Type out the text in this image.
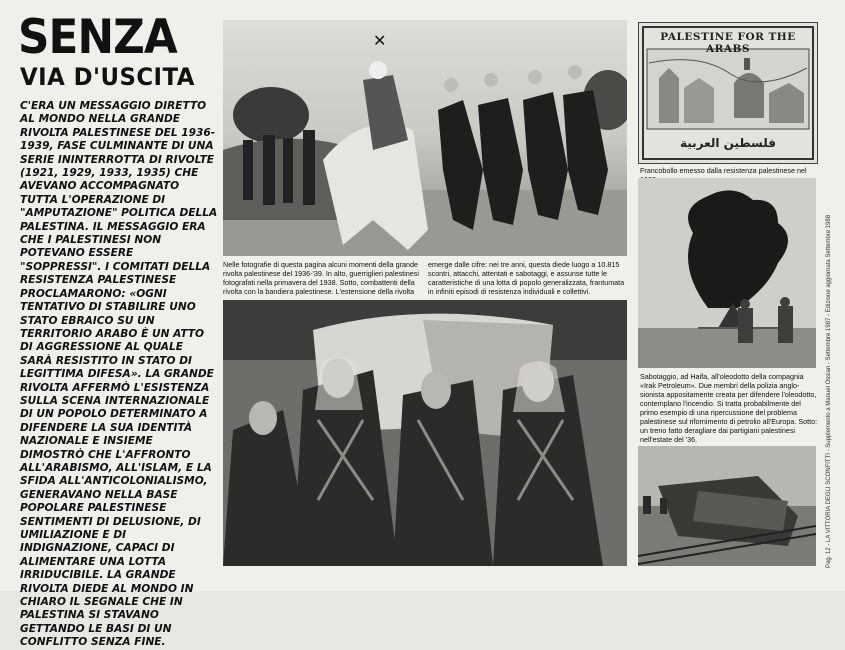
SENZA
VIA D'USCITA
C'ERA UN MESSAGGIO DIRETTO AL MONDO NELLA GRANDE RIVOLTA PALESTINESE DEL 1936-1939, FASE CULMINANTE DI UNA SERIE ININTERROTTA DI RIVOLTE (1921, 1929, 1933, 1935) CHE AVEVANO ACCOMPAGNATO TUTTA L'OPERAZIONE DI "AMPUTAZIONE" POLITICA DELLA PALESTINA. IL MESSAGGIO ERA CHE I PALESTINESI NON POTEVANO ESSERE "SOPPRESSI". I COMITATI DELLA RESISTENZA PALESTINESE PROCLAMARONO: «OGNI TENTATIVO DI STABILIRE UNO STATO EBRAICO SU UN TERRITORIO ARABO È UN ATTO DI AGGRESSIONE AL QUALE SARÀ RESISTITO IN STATO DI LEGITTIMA DIFESA». LA GRANDE RIVOLTA AFFERMÒ L'ESISTENZA SULLA SCENA INTERNAZIONALE DI UN POPOLO DETERMINATO A DIFENDERE LA SUA IDENTITÀ NAZIONALE E INSIEME DIMOSTRÒ CHE L'AFFRONTO ALL'ARABISMO, ALL'ISLAM, E LA SFIDA ALL'ANTICOLONIALISMO, GENERAVANO NELLA BASE POPOLARE PALESTINESE SENTIMENTI DI DELUSIONE, DI UMILIAZIONE E DI INDIGNAZIONE, CAPACI DI ALIMENTARE UNA LOTTA IRRIDUCIBILE. LA GRANDE RIVOLTA DIEDE AL MONDO IN CHIARO IL SEGNALE CHE IN PALESTINA SI STAVANO GETTANDO LE BASI DI UN CONFLITTO SENZA FINE.
✕
Nelle fotografie di questa pagina alcuni momenti della grande rivolta palestinese del 1936-'39. In alto, guerriglieri palestinesi fotografati nella primavera del 1938. Sotto, combattenti della rivolta con la bandiera palestinese. L'estensione della rivolta
emerge dalle cifre: nei tre anni, questa diede luogo a 10.815 scontri, attacchi, attentati e sabotaggi, e assunse tutte le caratteristiche di una lotta di popolo generalizzata, frantumata in infiniti episodi di resistenza individuali e collettivi.
PALESTINE FOR THE ARABS
فلسطين العربية
Francobollo emesso dalla resistenza palestinese nel
Sabotaggio, ad Haifa, all'oleodotto della compagnia «Irak Petroleum». Due membri della polizia anglo-sionista appositamente creata per difendere l'oleodotto, contemplano l'incendio. Si tratta probabilmente del primo esempio di una ripercussione del problema palestinese sul rifornimento di petrolio all'Europa. Sotto: un treno fatto deragliare dai partigiani palestinesi nell'estate del '36.	Pag. 12 - LA VITTORIA DEGLI SCONFITTI - Supplemento a Manuel Ossian - Settembre 1987 - Edizione aggiornata Settembre 1988
